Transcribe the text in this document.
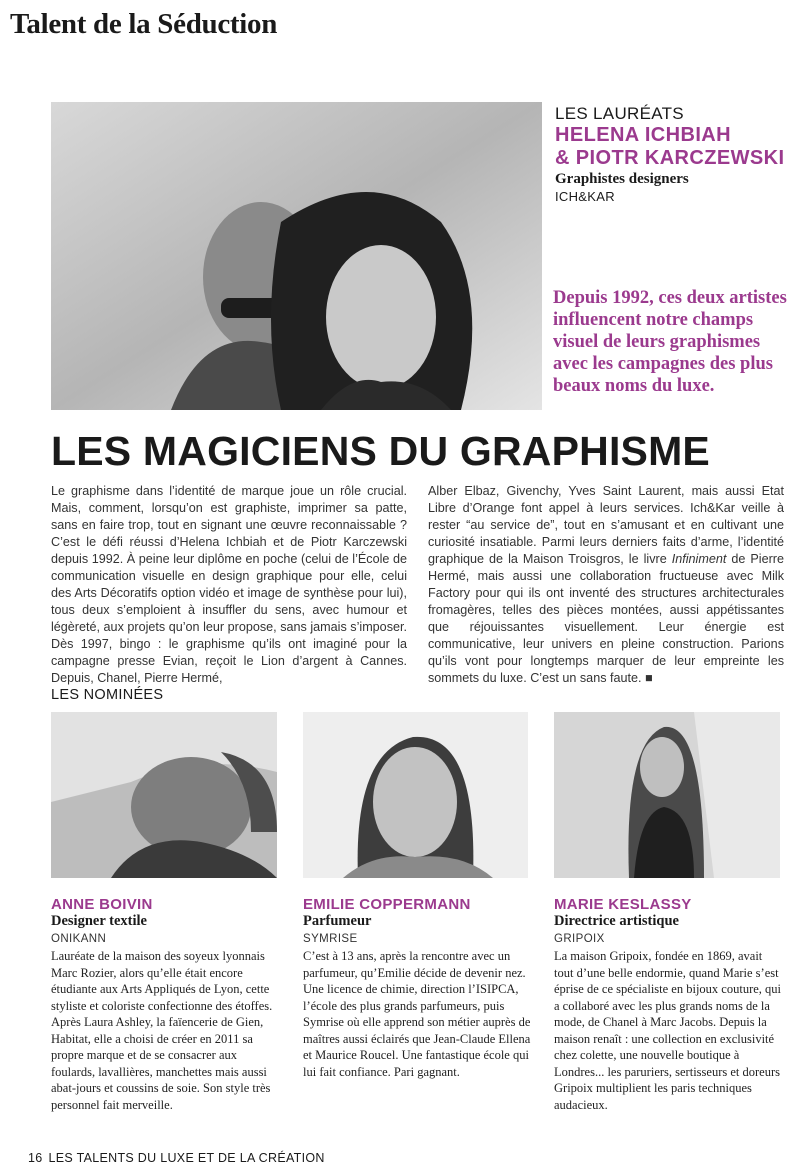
Talent de la Séduction
LES LAURÉATS
HELENA ICHBIAH
& PIOTR KARCZEWSKI
Graphistes designers
ICH&KAR
Depuis 1992, ces deux artistes influencent notre champs visuel de leurs graphismes avec les campagnes des plus beaux noms du luxe.
LES MAGICIENS DU GRAPHISME
Le graphisme dans l’identité de marque joue un rôle crucial. Mais, comment, lorsqu’on est graphiste, imprimer sa patte, sans en faire trop, tout en signant une œuvre reconnaissable ? C’est le défi réussi d’Helena Ichbiah et de Piotr Karczewski depuis 1992. À peine leur diplôme en poche (celui de l’École de communication visuelle en design graphique pour elle, celui des Arts Décoratifs option vidéo et image de synthèse pour lui), tous deux s’emploient à insuffler du sens, avec humour et légèreté, aux projets qu’on leur propose, sans jamais s’imposer. Dès 1997, bingo : le graphisme qu’ils ont imaginé pour la campagne presse Evian, reçoit le Lion d’argent à Cannes. Depuis, Chanel, Pierre Hermé,
Alber Elbaz, Givenchy, Yves Saint Laurent, mais aussi Etat Libre d’Orange font appel à leurs services. Ich&Kar veille à rester “au service de”, tout en s’amusant et en cultivant une curiosité insatiable. Parmi leurs derniers faits d’arme, l’identité graphique de la Maison Troisgros, le livre Infiniment de Pierre Hermé, mais aussi une collaboration fructueuse avec Milk Factory pour qui ils ont inventé des structures architecturales fromagères, telles des pièces montées, aussi appétissantes que réjouissantes visuellement. Leur énergie est communicative, leur univers en pleine construction. Parions qu’ils vont pour longtemps marquer de leur empreinte les sommets du luxe. C’est un sans faute. ■
LES NOMINÉES
ANNE BOIVIN
Designer textile
ONIKANN
Lauréate de la maison des soyeux lyonnais Marc Rozier, alors qu’elle était encore étudiante aux Arts Appliqués de Lyon, cette styliste et coloriste confectionne des étoffes. Après Laura Ashley, la faïencerie de Gien, Habitat, elle a choisi de créer en 2011 sa propre marque et de se consacrer aux foulards, lavallières, manchettes mais aussi abat-jours et coussins de soie. Son style très personnel fait merveille.
EMILIE COPPERMANN
Parfumeur
SYMRISE
C’est à 13 ans, après la rencontre avec un parfumeur, qu’Emilie décide de devenir nez. Une licence de chimie, direction l’ISIPCA, l’école des plus grands parfumeurs, puis Symrise où elle apprend son métier auprès de maîtres aussi éclairés que Jean-Claude Ellena et Maurice Roucel. Une fantastique école qui lui fait confiance. Pari gagnant.
MARIE KESLASSY
Directrice artistique
GRIPOIX
La maison Gripoix, fondée en 1869, avait tout d’une belle endormie, quand Marie s’est éprise de ce spécialiste en bijoux couture, qui a collaboré avec les plus grands noms de la mode, de Chanel à Marc Jacobs. Depuis la maison renaît : une collection en exclusivité chez colette, une nouvelle boutique à Londres... les paruriers, sertisseurs et doreurs Gripoix multiplient les paris techniques audacieux.
16 LES TALENTS DU LUXE ET DE LA CRÉATION
